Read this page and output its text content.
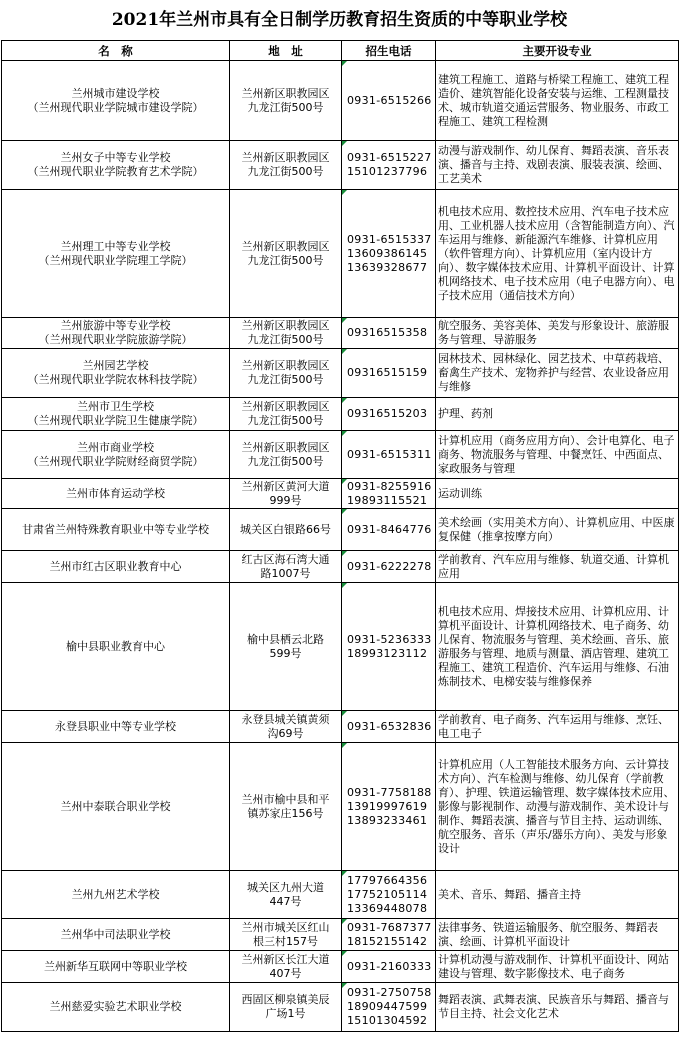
2021年兰州市具有全日制学历教育招生资质的中等职业学校
名　称	地　址	招生电话	主要开设专业

兰州城市建设学校
（兰州现代职业学院城市建设学院）	兰州新区职教园区
九龙江街500号	0931-6515266	建筑工程施工、道路与桥梁工程施工、建筑工程造价、建筑智能化设备安装与运维、工程测量技术、城市轨道交通运营服务、物业服务、市政工程施工、建筑工程检测

兰州女子中等专业学校
（兰州现代职业学院教育艺术学院）	兰州新区职教园区
九龙江街500号	0931-6515227
15101237796	动漫与游戏制作、幼儿保育、舞蹈表演、音乐表演、播音与主持、戏剧表演、服装表演、绘画、工艺美术

兰州理工中等专业学校
（兰州现代职业学院理工学院）	兰州新区职教园区
九龙江街500号	0931-6515337
13609386145
13639328677	机电技术应用、数控技术应用、汽车电子技术应用、工业机器人技术应用（含智能制造方向）、汽车运用与维修、新能源汽车维修、计算机应用（软件管理方向）、计算机应用（室内设计方向）、数字媒体技术应用、计算机平面设计、计算机网络技术、电子技术应用（电子电器方向）、电子技术应用（通信技术方向）

兰州旅游中等专业学校
（兰州现代职业学院旅游学院）	兰州新区职教园区
九龙江街500号	09316515358	航空服务、美容美体、美发与形象设计、旅游服务与管理、导游服务

兰州园艺学校
（兰州现代职业学院农林科技学院）	兰州新区职教园区
九龙江街500号	09316515159	园林技术、园林绿化、园艺技术、中草药栽培、畜禽生产技术、宠物养护与经营、农业设备应用与维修

兰州市卫生学校
（兰州现代职业学院卫生健康学院）	兰州新区职教园区
九龙江街500号	09316515203	护理、药剂

兰州市商业学校
（兰州现代职业学院财经商贸学院）	兰州新区职教园区
九龙江街500号	0931-6515311	计算机应用（商务应用方向）、会计电算化、电子商务、物流服务与管理、中餐烹饪、中西面点、家政服务与管理

兰州市体育运动学校	兰州新区黄河大道
999号	0931-8255916
19893115521	运动训练

甘肃省兰州特殊教育职业中等专业学校	城关区白银路66号	0931-8464776	美术绘画（实用美术方向）、计算机应用、中医康复保健（推拿按摩方向）

兰州市红古区职业教育中心	红古区海石湾大通
路1007号	0931-6222278	学前教育、汽车应用与维修、轨道交通、计算机应用

榆中县职业教育中心	榆中县栖云北路
599号	0931-5236333
18993123112	机电技术应用、焊接技术应用、计算机应用、计算机平面设计、计算机网络技术、电子商务、幼儿保育、物流服务与管理、美术绘画、音乐、旅游服务与管理、地质与测量、酒店管理、建筑工程施工、建筑工程造价、汽车运用与维修、石油炼制技术、电梯安装与维修保养

永登县职业中等专业学校	永登县城关镇黄须
沟69号	0931-6532836	学前教育、电子商务、汽车运用与维修、烹饪、电工电子

兰州中泰联合职业学校	兰州市榆中县和平
镇苏家庄156号	0931-7758188
13919997619
13893233461	计算机应用（人工智能技术服务方向、云计算技术方向）、汽车检测与维修、幼儿保育（学前教育）、护理、铁道运输管理、数字媒体技术应用、影像与影视制作、动漫与游戏制作、美术设计与制作、舞蹈表演、播音与节目主持、运动训练、航空服务、音乐（声乐/器乐方向）、美发与形象设计

兰州九州艺术学校	城关区九州大道
447号	17797664356
17752105114
13369448078	美术、音乐、舞蹈、播音主持

兰州华中司法职业学校	兰州市城关区红山
根三村157号	0931-7687377
18152155142	法律事务、铁道运输服务、航空服务、舞蹈表演、绘画、计算机平面设计

兰州新华互联网中等职业学校	兰州新区长江大道
407号	0931-2160333	计算机动漫与游戏制作、计算机平面设计、网站建设与管理、数字影像技术、电子商务

兰州慈爱实验艺术职业学校	西固区柳泉镇美辰
广场1号	0931-2750758
18909447599
15101304592	舞蹈表演、武舞表演、民族音乐与舞蹈、播音与节目主持、社会文化艺术
